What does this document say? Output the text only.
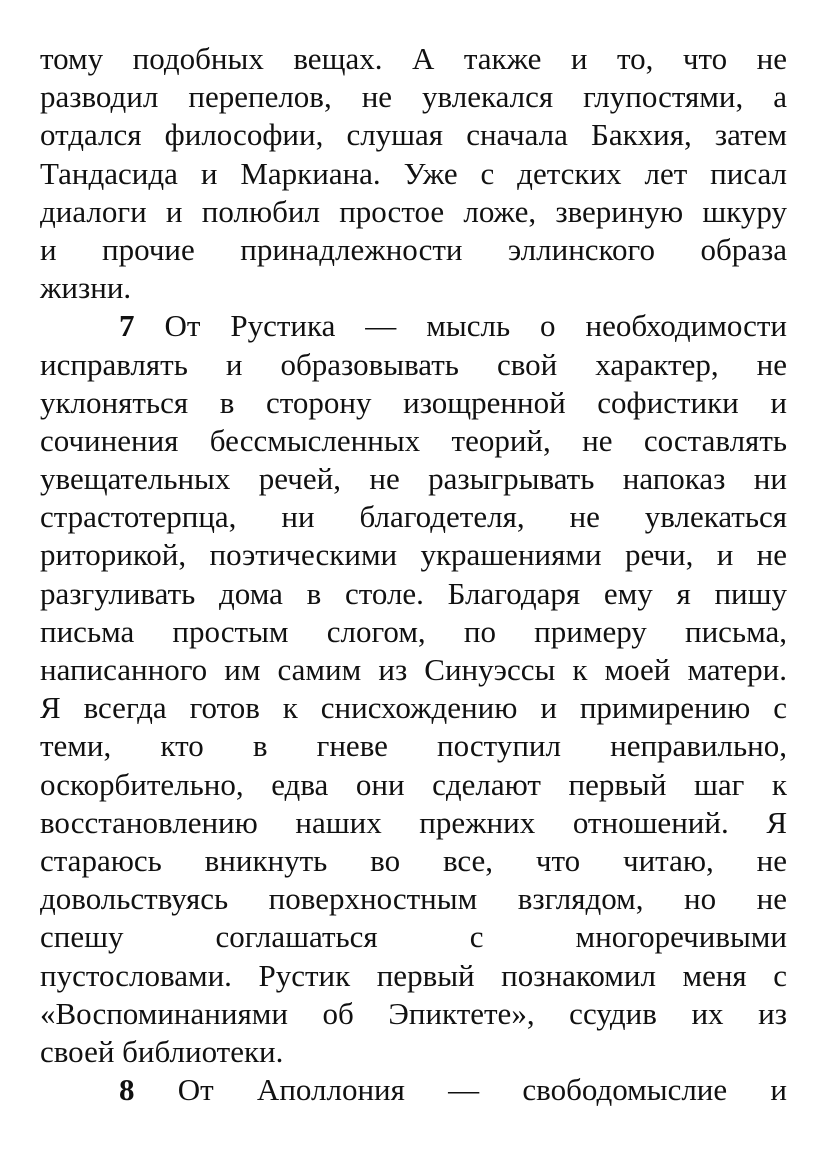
тому подобных вещах. А также и то, что не
разводил перепелов, не увлекался глупостями, а
отдался философии, слушая сначала Бакхия, затем
Тандасида и Маркиана. Уже с детских лет писал
диалоги и полюбил простое ложе, звериную шкуру
и прочие принадлежности эллинского образа
жизни.
7 От Рустика — мысль о необходимости
исправлять и образовывать свой характер, не
уклоняться в сторону изощренной софистики и
сочинения бессмысленных теорий, не составлять
увещательных речей, не разыгрывать напоказ ни
страстотерпца, ни благодетеля, не увлекаться
риторикой, поэтическими украшениями речи, и не
разгуливать дома в столе. Благодаря ему я пишу
письма простым слогом, по примеру письма,
написанного им самим из Синуэссы к моей матери.
Я всегда готов к снисхождению и примирению с
теми, кто в гневе поступил неправильно,
оскорбительно, едва они сделают первый шаг к
восстановлению наших прежних отношений. Я
стараюсь вникнуть во все, что читаю, не
довольствуясь поверхностным взглядом, но не
спешу соглашаться с многоречивыми
пустословами. Рустик первый познакомил меня с
«Воспоминаниями об Эпиктете», ссудив их из
своей библиотеки.
8 От Аполлония — свободомыслие и
